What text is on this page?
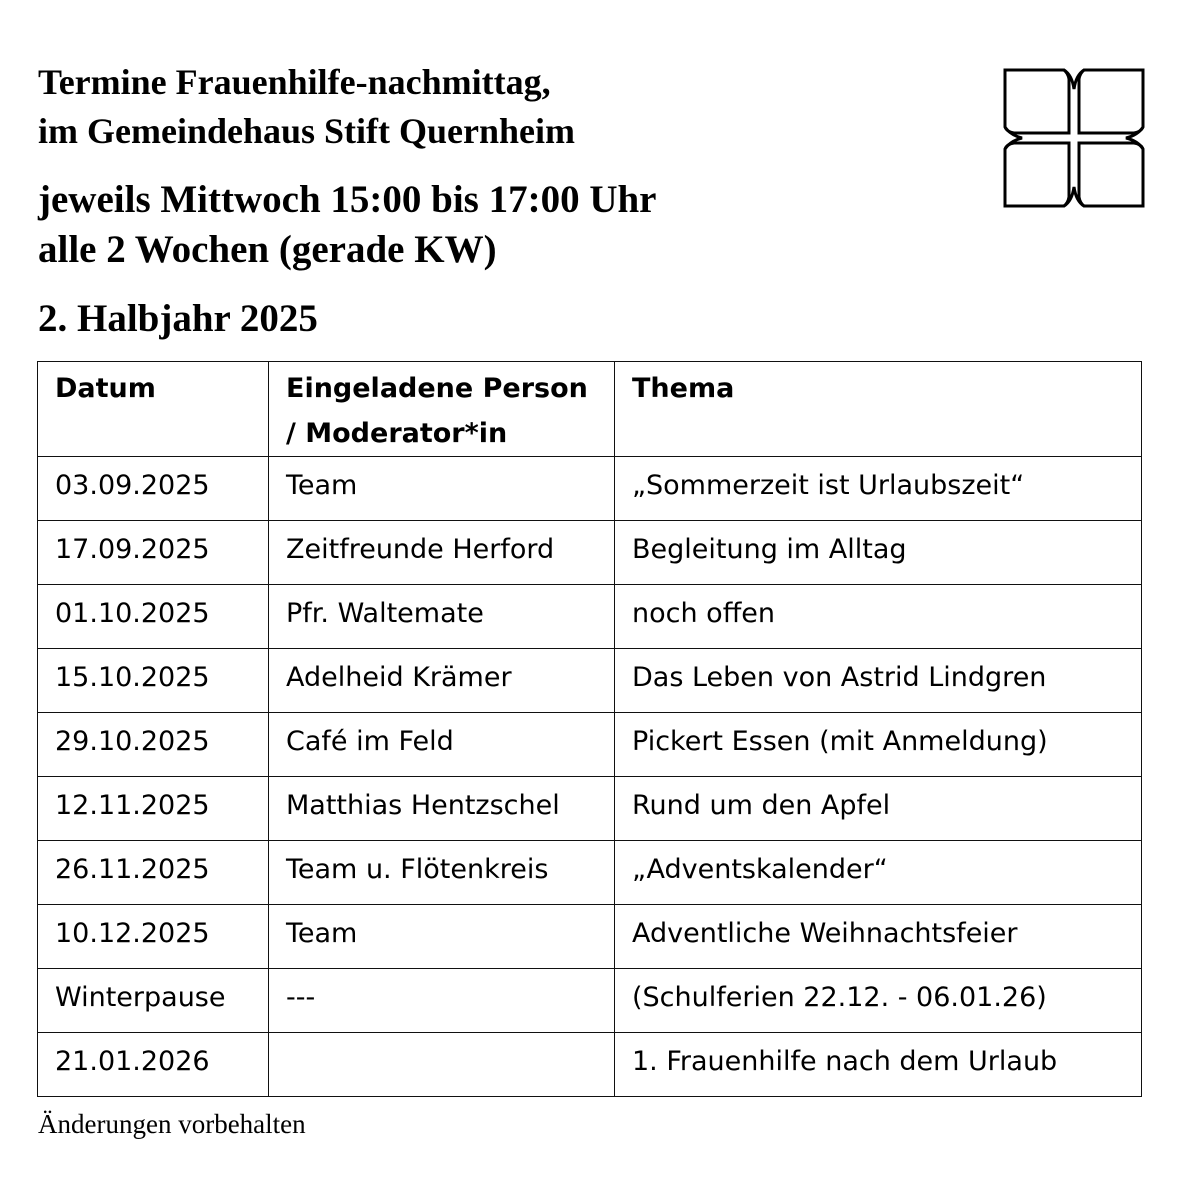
Termine Frauenhilfe-nachmittag,
im Gemeindehaus Stift Quernheim
jeweils Mittwoch 15:00 bis 17:00 Uhr
alle 2 Wochen (gerade KW)
2. Halbjahr 2025
Datum	Eingeladene Person / Moderator*in	Thema
03.09.2025	Team	„Sommerzeit ist Urlaubszeit“
17.09.2025	Zeitfreunde Herford	Begleitung im Alltag
01.10.2025	Pfr. Waltemate	noch offen
15.10.2025	Adelheid Krämer	Das Leben von Astrid Lindgren
29.10.2025	Café im Feld	Pickert Essen (mit Anmeldung)
12.11.2025	Matthias Hentzschel	Rund um den Apfel
26.11.2025	Team u. Flötenkreis	„Adventskalender“
10.12.2025	Team	Adventliche Weihnachtsfeier
Winterpause	---	(Schulferien 22.12. - 06.01.26)
21.01.2026		1. Frauenhilfe nach dem Urlaub
Änderungen vorbehalten
